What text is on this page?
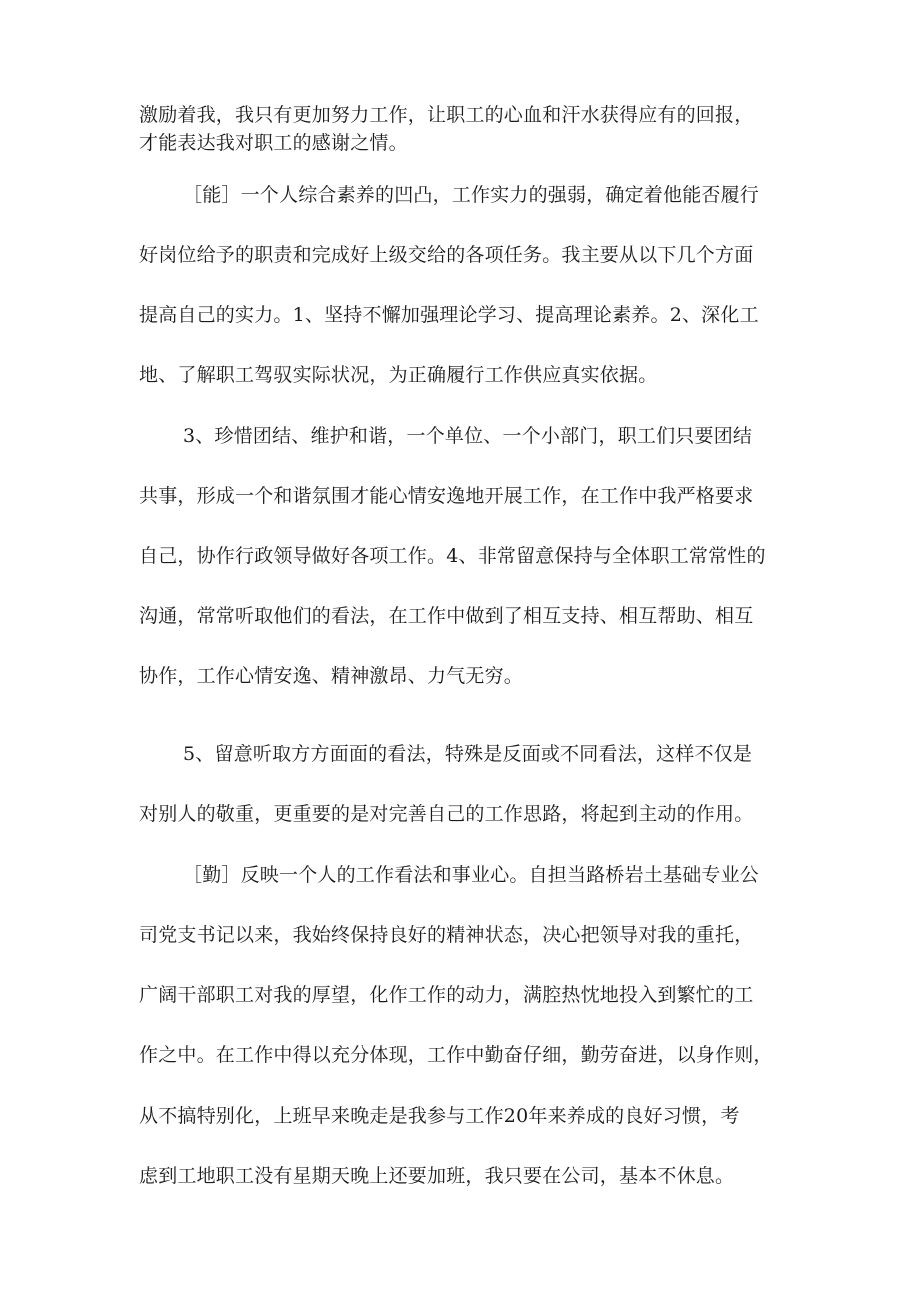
激励着我，我只有更加努力工作，让职工的心血和汗水获得应有的回报，
才能表达我对职工的感谢之情。
［能］一个人综合素养的凹凸，工作实力的强弱，确定着他能否履行
好岗位给予的职责和完成好上级交给的各项任务。我主要从以下几个方面
提高自己的实力。1、坚持不懈加强理论学习、提高理论素养。2、深化工
地、了解职工驾驭实际状况，为正确履行工作供应真实依据。
3、珍惜团结、维护和谐，一个单位、一个小部门，职工们只要团结
共事，形成一个和谐氛围才能心情安逸地开展工作，在工作中我严格要求
自己，协作行政领导做好各项工作。4、非常留意保持与全体职工常常性的
沟通，常常听取他们的看法，在工作中做到了相互支持、相互帮助、相互
协作，工作心情安逸、精神激昂、力气无穷。
5、留意听取方方面面的看法，特殊是反面或不同看法，这样不仅是
对别人的敬重，更重要的是对完善自己的工作思路，将起到主动的作用。
［勤］反映一个人的工作看法和事业心。自担当路桥岩土基础专业公
司党支书记以来，我始终保持良好的精神状态，决心把领导对我的重托，
广阔干部职工对我的厚望，化作工作的动力，满腔热忱地投入到繁忙的工
作之中。在工作中得以充分体现，工作中勤奋仔细，勤劳奋进，以身作则，
从不搞特别化，上班早来晚走是我参与工作20年来养成的良好习惯，考
虑到工地职工没有星期天晚上还要加班，我只要在公司，基本不休息。
